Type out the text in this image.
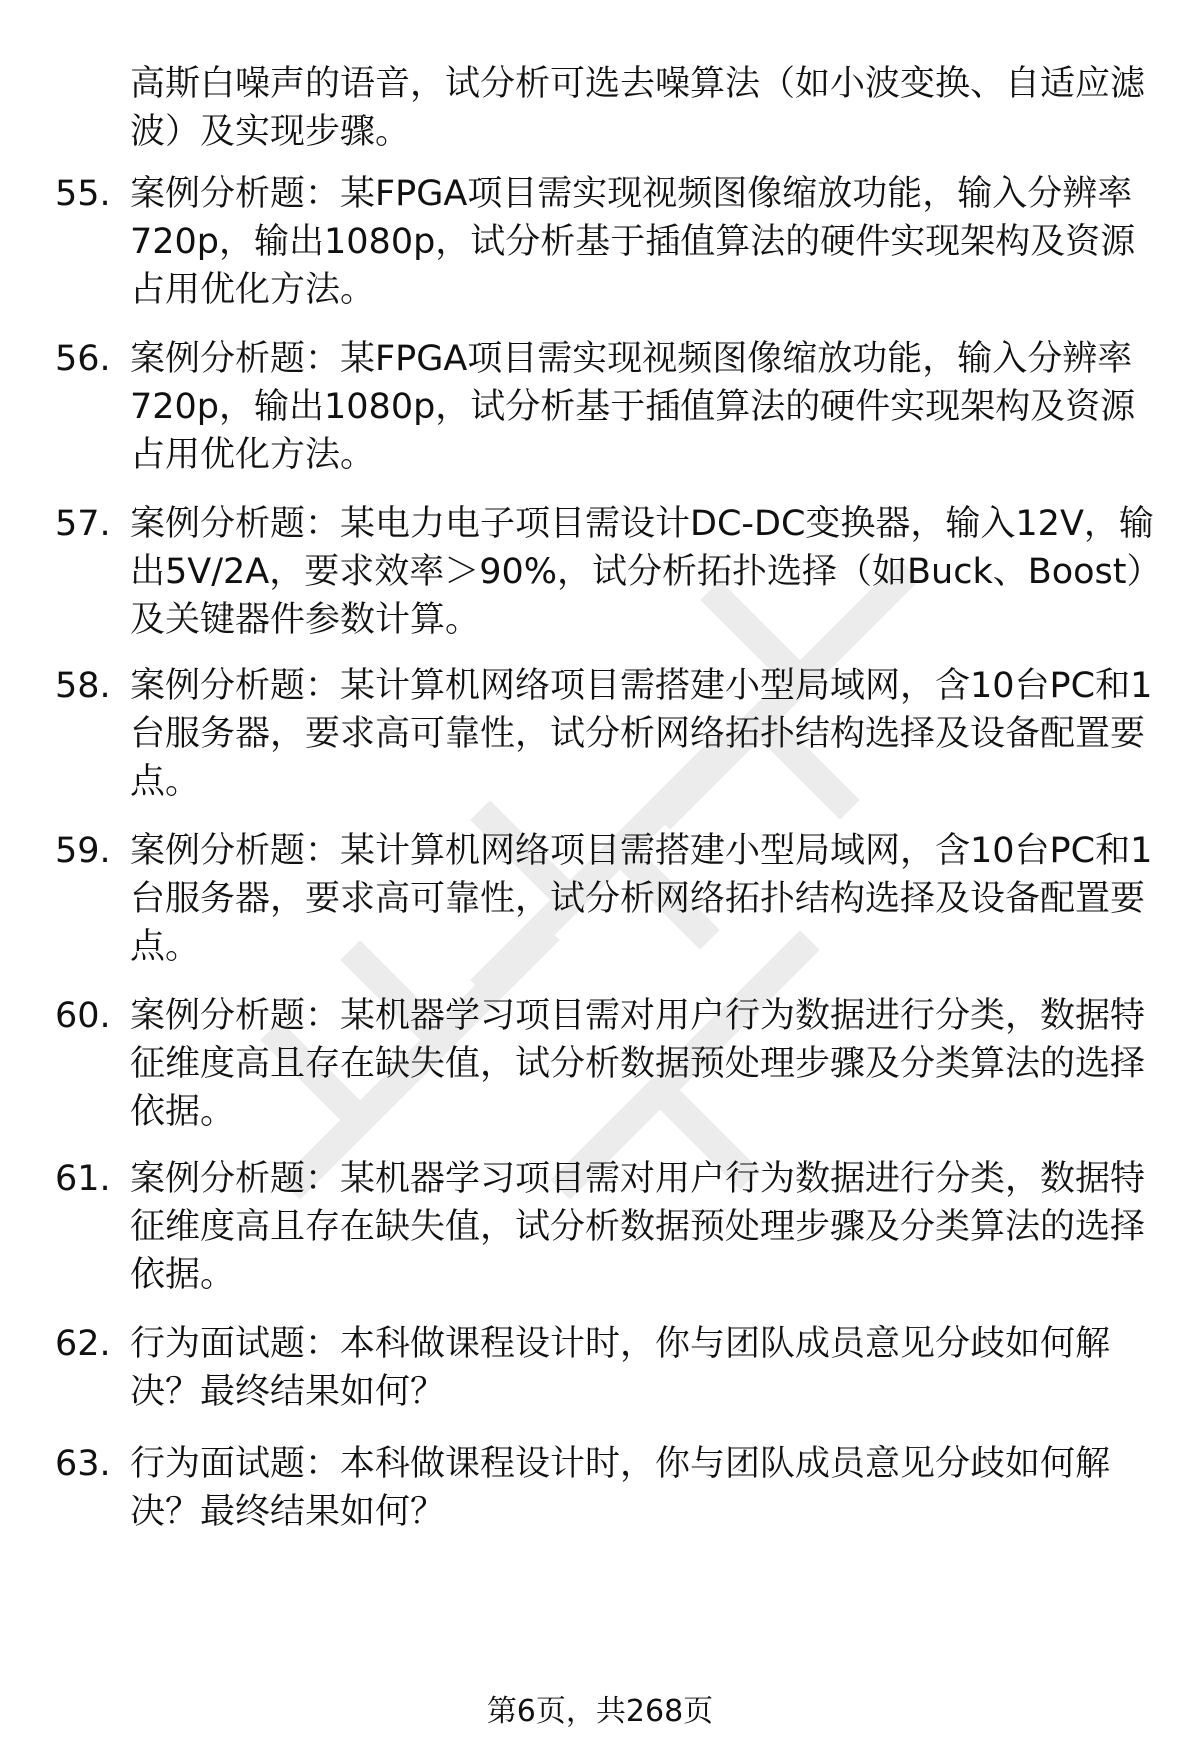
高斯白噪声的语音，试分析可选去噪算法（如小波变换、自适应滤波）及实现步骤。

55. 案例分析题：某FPGA项目需实现视频图像缩放功能，输入分辨率720p，输出1080p，试分析基于插值算法的硬件实现架构及资源占用优化方法。
56. 案例分析题：某FPGA项目需实现视频图像缩放功能，输入分辨率720p，输出1080p，试分析基于插值算法的硬件实现架构及资源占用优化方法。
57. 案例分析题：某电力电子项目需设计DC-DC变换器，输入12V，输出5V/2A，要求效率＞90%，试分析拓扑选择（如Buck、Boost）及关键器件参数计算。
58. 案例分析题：某计算机网络项目需搭建小型局域网，含10台PC和1台服务器，要求高可靠性，试分析网络拓扑结构选择及设备配置要点。
59. 案例分析题：某计算机网络项目需搭建小型局域网，含10台PC和1台服务器，要求高可靠性，试分析网络拓扑结构选择及设备配置要点。
60. 案例分析题：某机器学习项目需对用户行为数据进行分类，数据特征维度高且存在缺失值，试分析数据预处理步骤及分类算法的选择依据。
61. 案例分析题：某机器学习项目需对用户行为数据进行分类，数据特征维度高且存在缺失值，试分析数据预处理步骤及分类算法的选择依据。
62. 行为面试题：本科做课程设计时，你与团队成员意见分歧如何解决？最终结果如何？
63. 行为面试题：本科做课程设计时，你与团队成员意见分歧如何解决？最终结果如何？
第6页，共268页
